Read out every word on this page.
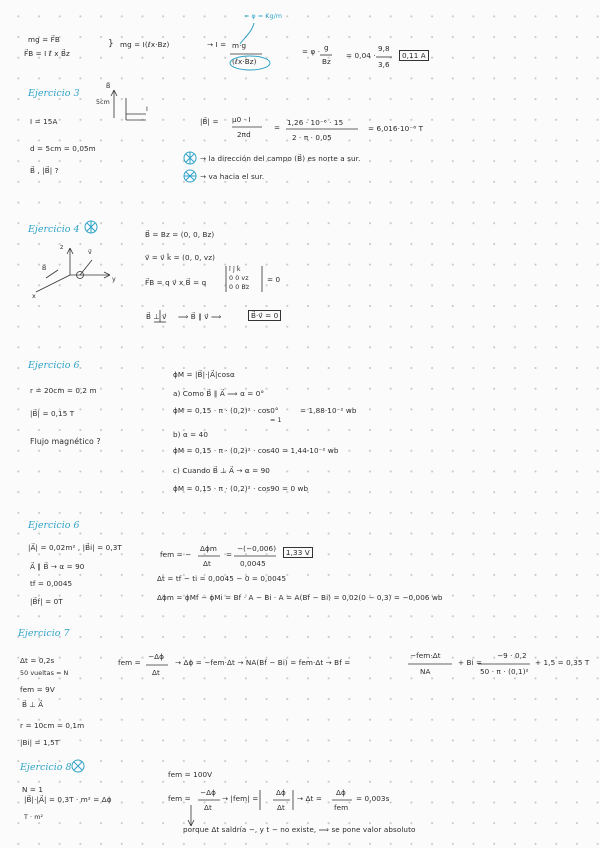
= φ = Kg/m
mg = F⃗B
F⃗B = I ℓ⃗ x B⃗z
} mg = I(ℓx·Bz)	→ I = m·g
(ℓx·Bz)
= φ · g
Bz
= 0,04 ·
9,8
3,6
0,11 A
Ejercicio 3
B⃗
5cm
I
I = 15A
d = 5cm = 0,05m
B⃗ , |B⃗| ?
|B⃗| = μ0 · I
2πd
=
1,26 · 10⁻⁶ · 15
2 · π · 0,05
= 6,016·10⁻⁶ T
→ la dirección del campo (B⃗) es norte a sur.
→ va hacia el sur.
Ejercicio 4
z
y
x
v⃗
B⃗
B⃗ = Bz = (0, 0, Bz)
v⃗ = v⃗ k̂ = (0, 0, vz)
F⃗B = q v⃗ x B⃗ = q
î ĵ k̂
0 0 vz
0 0 Bz
= 0
B⃗ ⊥ v⃗ ⟹ B⃗ ∥ v⃗ ⟹	B⃗·v⃗ = 0
Ejercicio 6
r = 20cm = 0,2 m
|B⃗| = 0,15 T
Flujo magnético ?
ϕM = |B⃗|·|A⃗|cosα
a) Como B⃗ ∥ A⃗ ⟹ α = 0°
ϕM = 0,15 · π · (0,2)² · cos0°	= 1,88·10⁻² wb
= 1
b) α = 40
ϕM = 0,15 · π · (0,2)² · cos40 = 1,44·10⁻² wb
c) Cuando B⃗ ⊥ A⃗ → α = 90
ϕM = 0,15 · π · (0,2)² · cos90 = 0 wb
Ejercicio 6
|A⃗| = 0,02m² , |B⃗i| = 0,3T
A⃗ ∥ B⃗ → α = 90
tf = 0,0045
|B⃗f| = 0T
fem = −
Δϕm
Δt
=
−(−0,006)
0,0045
1,33 V
Δt = tf − ti = 0,0045 − 0 = 0,0045
Δϕm = ϕMf − ϕMi = Bf · A − Bi · A = A(Bf − Bi) = 0,02(0 − 0,3) = −0,006 wb
Ejercicio 7
Δt = 0,2s
50 vueltas = N
fem = 9V
B⃗ ⊥ A⃗
r = 10cm = 0,1m
|Bi| = 1,5T
fem =
−Δϕ
Δt
→ Δϕ = −fem·Δt → NA(Bf − Bi) = fem·Δt → Bf =
−fem·Δt
NA
+ Bi =
−9 · 0,2
50 · π · (0,1)²
+ 1,5 = 0,35 T
Ejercicio 8
N = 1
|B⃗|·|A⃗| = 0,3T · m² = Δϕ
T · m²
fem = 100V
fem =
−Δϕ
Δt
→ |fem| =
Δϕ
Δt
→ Δt =
Δϕ
fem
= 0,003s
porque Δt saldría −, y t − no existe, ⟹ se pone valor absoluto
